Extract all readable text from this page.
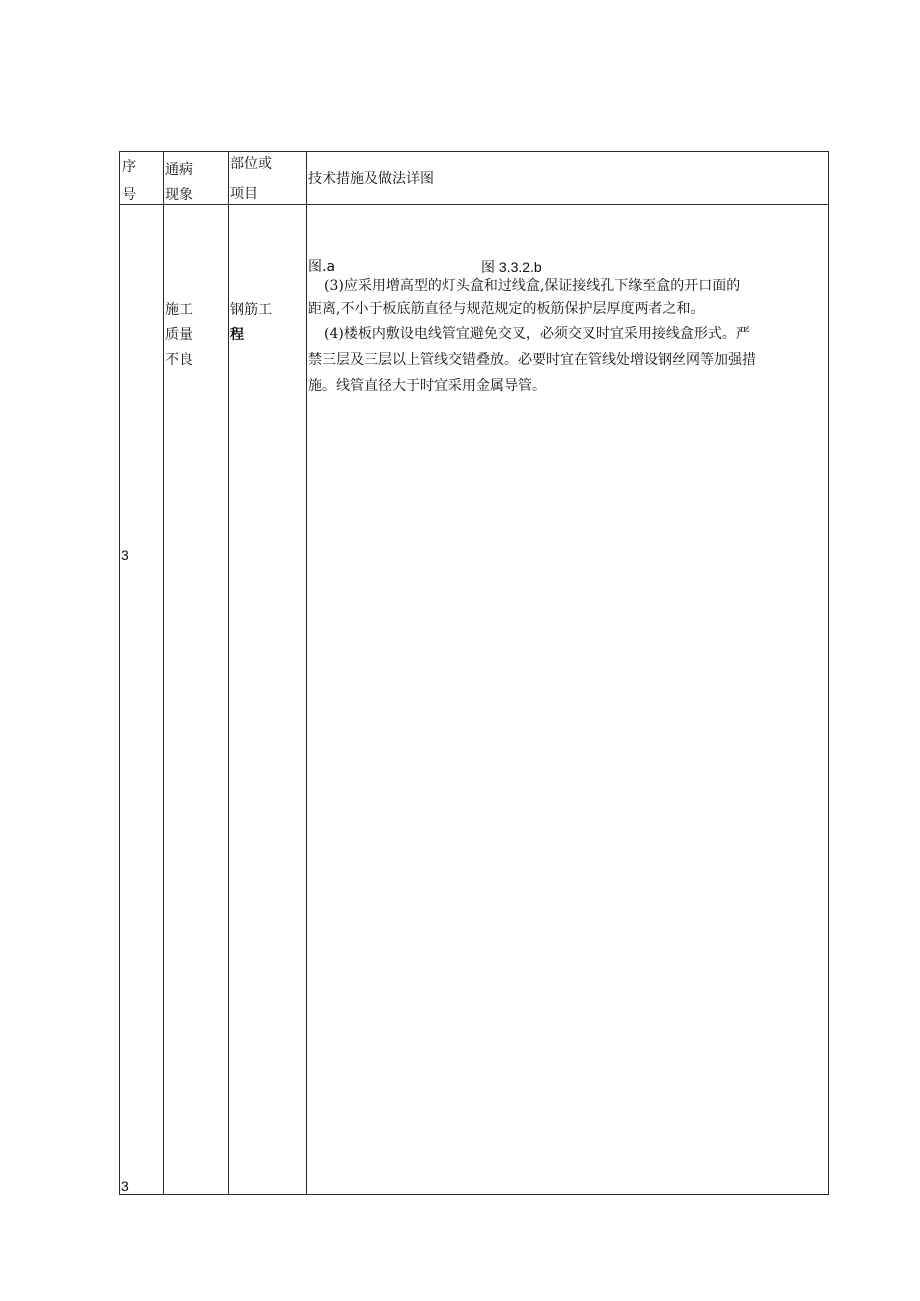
序
号
通病
现象
部位或
项目
技术措施及做法详图
3
3
施工
质量
不良
钢筋工
程
图.a	图 3.3.2.b
(3)应采用增高型的灯头盒和过线盒,保证接线孔下缘至盒的开口面的
距离,不小于板底筋直径与规范规定的板筋保护层厚度两者之和。
(4)楼板内敷设电线管宜避免交叉，必须交叉时宜采用接线盒形式。严
禁三层及三层以上管线交错叠放。必要时宜在管线处增设钢丝网等加强措
施。线管直径大于时宜采用金属导管。
